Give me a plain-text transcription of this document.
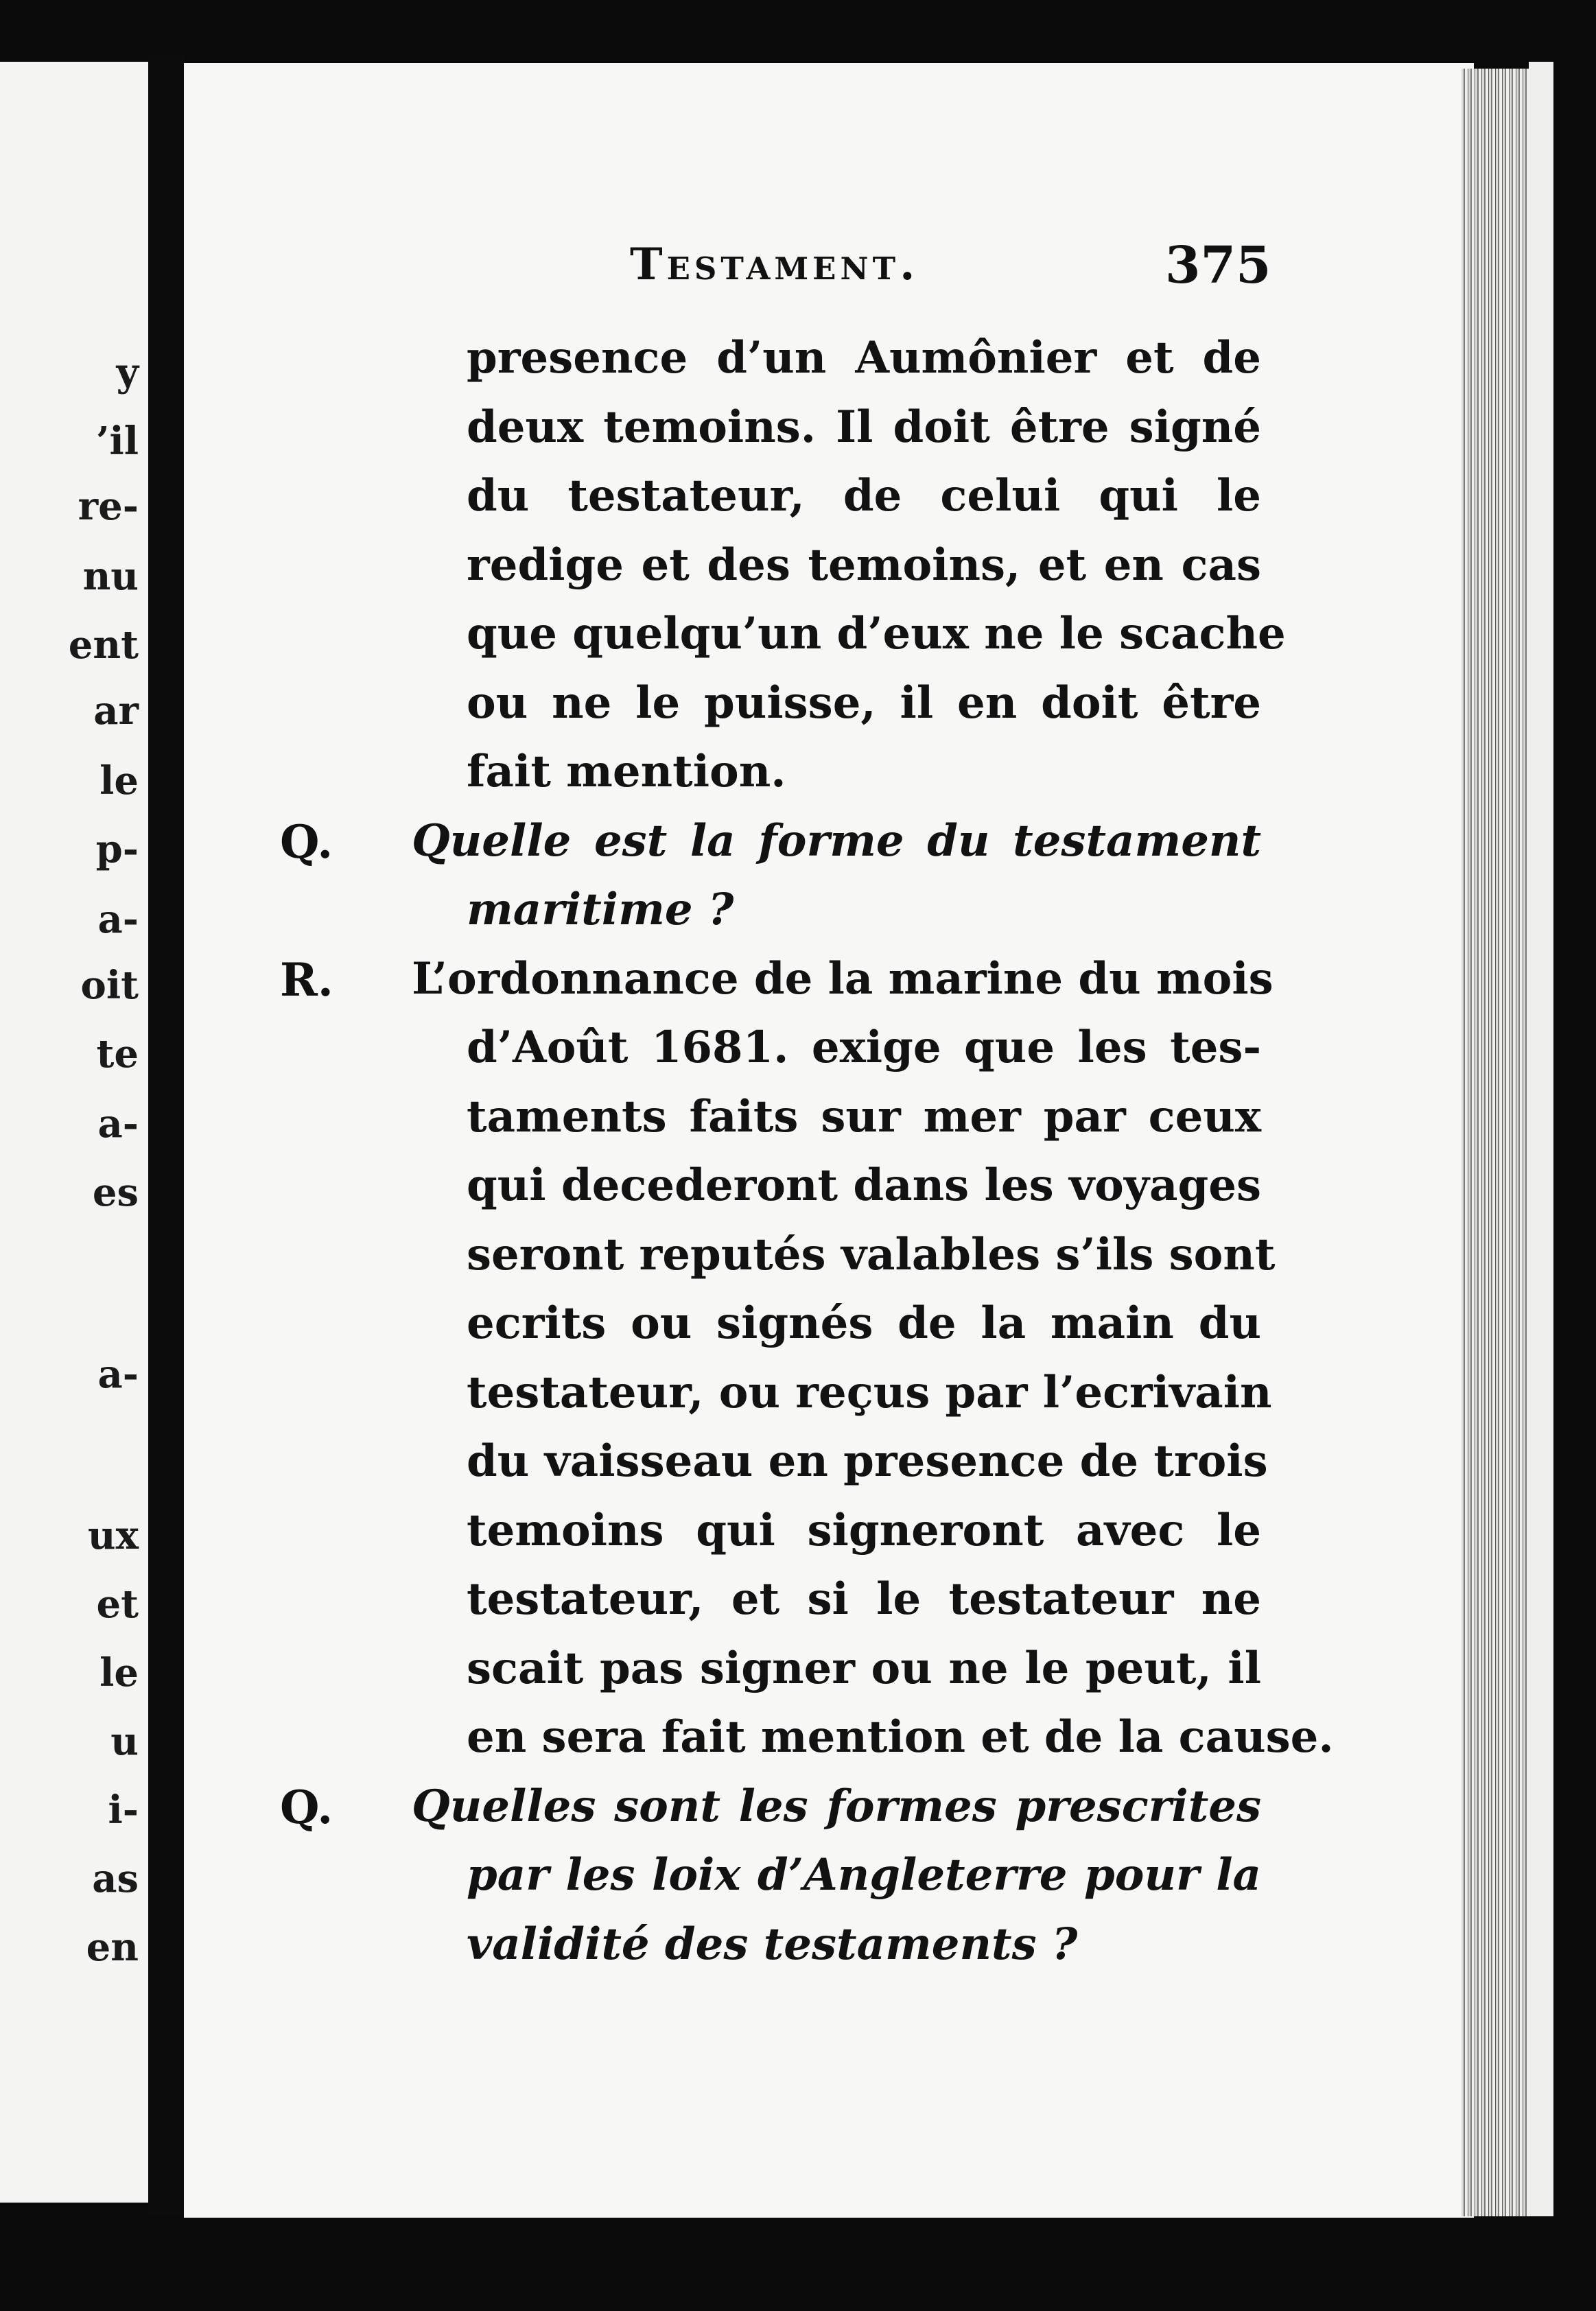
y
’il
re-
nu
ent
ar
le
p-
a-
oit
te
a-
es
a-
ux
et
le
u
i-
as
en
Testament.	375
presence d’un Aumônier et de
deux temoins. Il doit être signé
du testateur, de celui qui le
redige et des temoins, et en cas
que quelqu’un d’eux ne le scache
ou ne le puisse, il en doit être
fait mention.
Q. Quelle est la forme du testament
maritime ?
R. L’ordonnance de la marine du mois
d’Août 1681. exige que les tes-
taments faits sur mer par ceux
qui decederont dans les voyages
seront reputés valables s’ils sont
ecrits ou signés de la main du
testateur, ou reçus par l’ecrivain
du vaisseau en presence de trois
temoins qui signeront avec le
testateur, et si le testateur ne
scait pas signer ou ne le peut, il
en sera fait mention et de la cause.
Q. Quelles sont les formes prescrites
par les loix d’Angleterre pour la
validité des testaments ?
